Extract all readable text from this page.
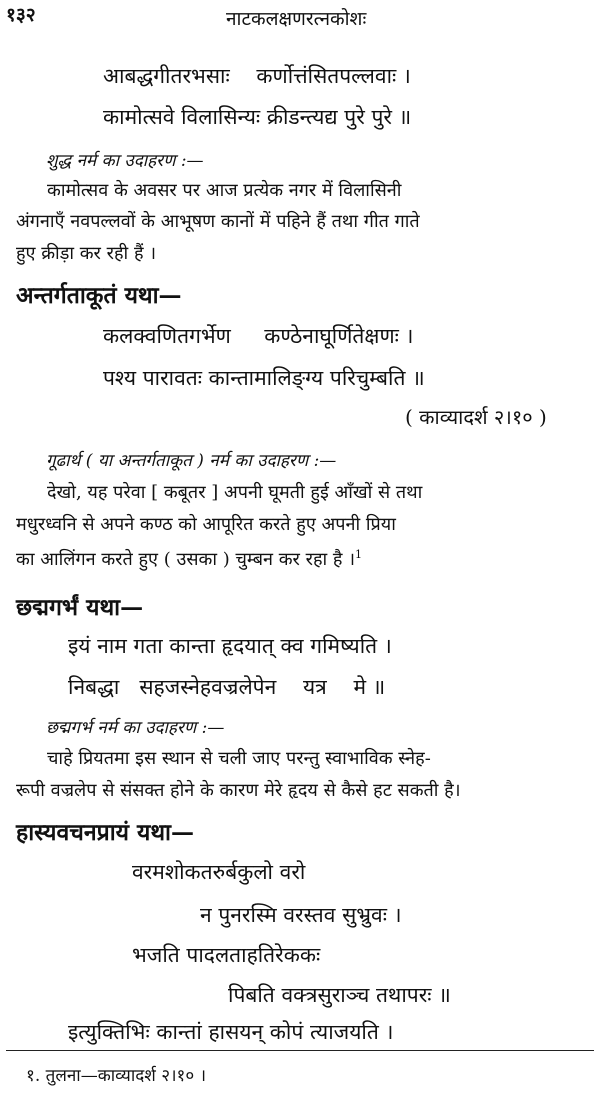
१३२	नाटकलक्षणरत्नकोशः
आबद्धगीतरभसाः    कर्णोत्तंसितपल्लवाः ।
कामोत्सवे विलासिन्यः क्रीडन्त्यद्य पुरे पुरे ॥
शुद्ध नर्म का उदाहरण :—
कामोत्सव के अवसर पर आज प्रत्येक नगर में विलासिनी
अंगनाएँ नवपल्लवों के आभूषण कानों में पहिने हैं तथा गीत गाते
हुए क्रीड़ा कर रही हैं ।
अन्तर्गताकूतं यथा—
कलक्वणितगर्भेण     कण्ठेनाघूर्णितेक्षणः ।
पश्य पारावतः कान्तामालिङ्ग्य परिचुम्बति ॥
( काव्यादर्श २।१० )
गूढार्थ ( या अन्तर्गताकूत ) नर्म का उदाहरण :—
देखो, यह परेवा [ कबूतर ] अपनी घूमती हुई आँखों से तथा
मधुरध्वनि से अपने कण्ठ को आपूरित करते हुए अपनी प्रिया
का आलिंगन करते हुए ( उसका ) चुम्बन कर रहा है ।$^1$
छद्मगर्भं यथा—
इयं नाम गता कान्ता हृदयात् क्व गमिष्यति ।
निबद्धा   सहजस्नेहवज्रलेपेन    यत्र    मे ॥
छद्मगर्भ नर्म का उदाहरण :—
चाहे प्रियतमा इस स्थान से चली जाए परन्तु स्वाभाविक स्नेह-
रूपी वज्रलेप से संसक्त होने के कारण मेरे हृदय से कैसे हट सकती है।
हास्यवचनप्रायं यथा—
वरमशोकतरुर्बकुलो वरो
न पुनरस्मि वरस्तव सुभ्रुवः ।
भजति पादलताहतिरेककः
पिबति वक्त्रसुराञ्च तथापरः ॥
इत्युक्तिभिः कान्तां हासयन् कोपं त्याजयति ।
१. तुलना—काव्यादर्श २।१० ।
